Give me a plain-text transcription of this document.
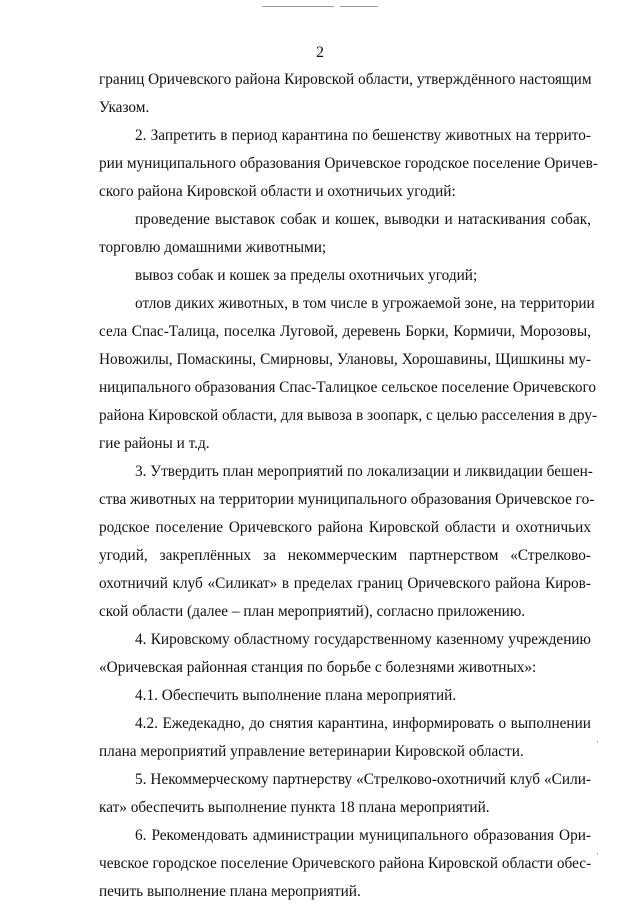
2
границ Оричевского района Кировской области, утверждённого настоящим
Указом.
2. Запретить в период карантина по бешенству животных на террито-
рии муниципального образования Оричевское городское поселение Оричев-
ского района Кировской области и охотничьих угодий:
проведение выставок собак и кошек, выводки и натаскивания собак,
торговлю домашними животными;
вывоз собак и кошек за пределы охотничьих угодий;
отлов диких животных, в том числе в угрожаемой зоне, на территории
села Спас-Талица, поселка Луговой, деревень Борки, Кормичи, Морозовы,
Новожилы, Помаскины, Смирновы, Улановы, Хорошавины, Щишкины му-
ниципального образования Спас-Талицкое сельское поселение Оричевского
района Кировской области, для вывоза в зоопарк, с целью расселения в дру-
гие районы и т.д.
3. Утвердить план мероприятий по локализации и ликвидации бешен-
ства животных на территории муниципального образования Оричевское го-
родское поселение Оричевского района Кировской области и охотничьих
угодий, закреплённых за некоммерческим партнерством «Стрелково-
охотничий клуб «Силикат» в пределах границ Оричевского района Киров-
ской области (далее – план мероприятий), согласно приложению.
4. Кировскому областному государственному казенному учреждению
«Оричевская районная станция по борьбе с болезнями животных»:
4.1. Обеспечить выполнение плана мероприятий.
4.2. Ежедекадно, до снятия карантина, информировать о выполнении
плана мероприятий управление ветеринарии Кировской области.
5. Некоммерческому партнерству «Стрелково-охотничий клуб «Сили-
кат» обеспечить выполнение пункта 18 плана мероприятий.
6. Рекомендовать администрации муниципального образования Ори-
чевское городское поселение Оричевского района Кировской области обес-
печить выполнение плана мероприятий.
